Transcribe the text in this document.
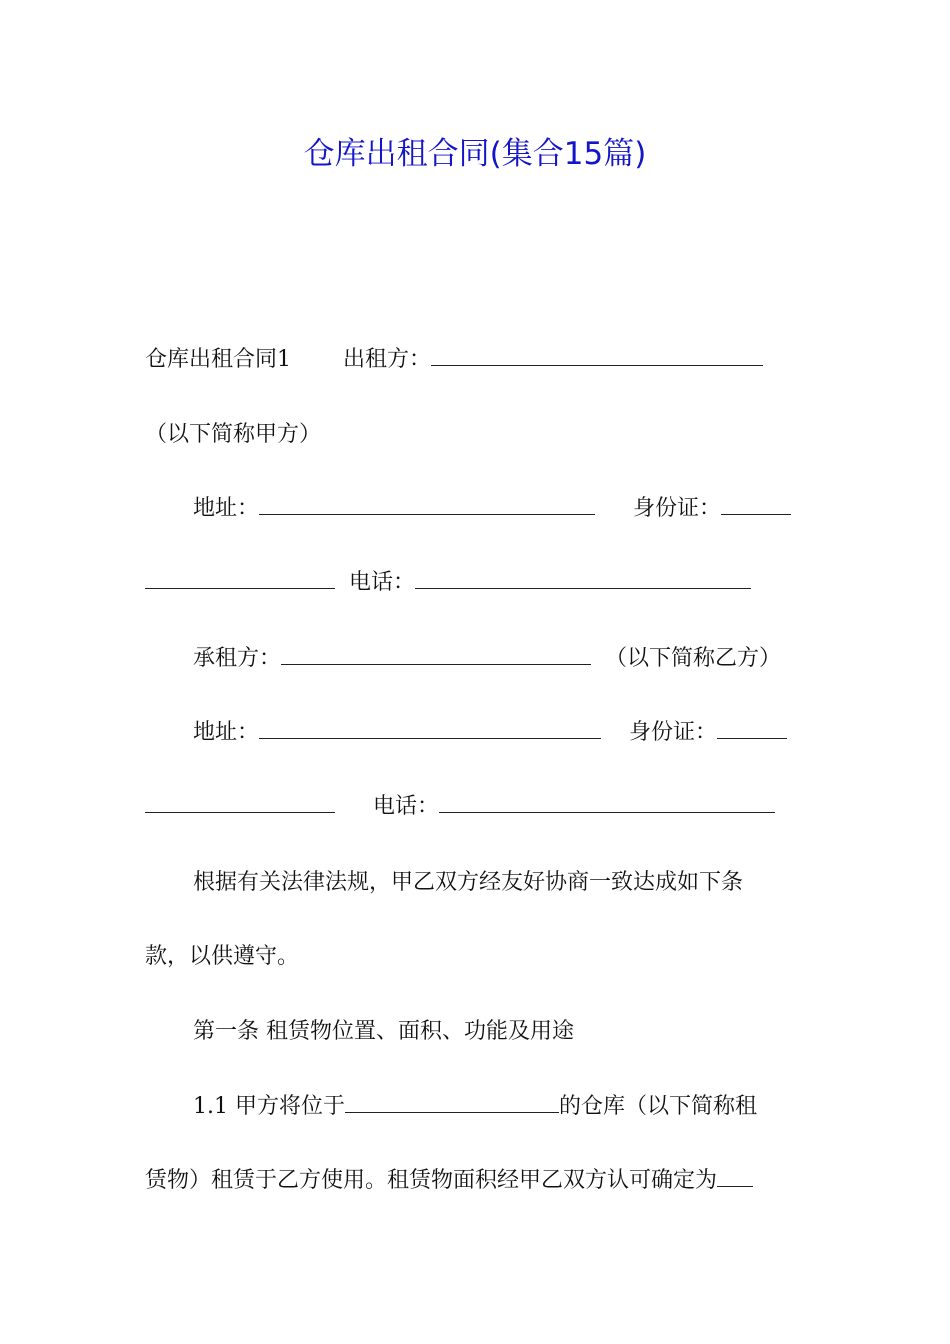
仓库出租合同(集合15篇)
仓库出租合同1 出租方：
（以下简称甲方）
地址：	身份证：
电话：
承租方：	（以下简称乙方）
地址：	身份证：
电话：
根据有关法律法规，甲乙双方经友好协商一致达成如下条
款，以供遵守。
第一条 租赁物位置、面积、功能及用途
1.1 甲方将位于	的仓库（以下简称租
赁物）租赁于乙方使用。租赁物面积经甲乙双方认可确定为
